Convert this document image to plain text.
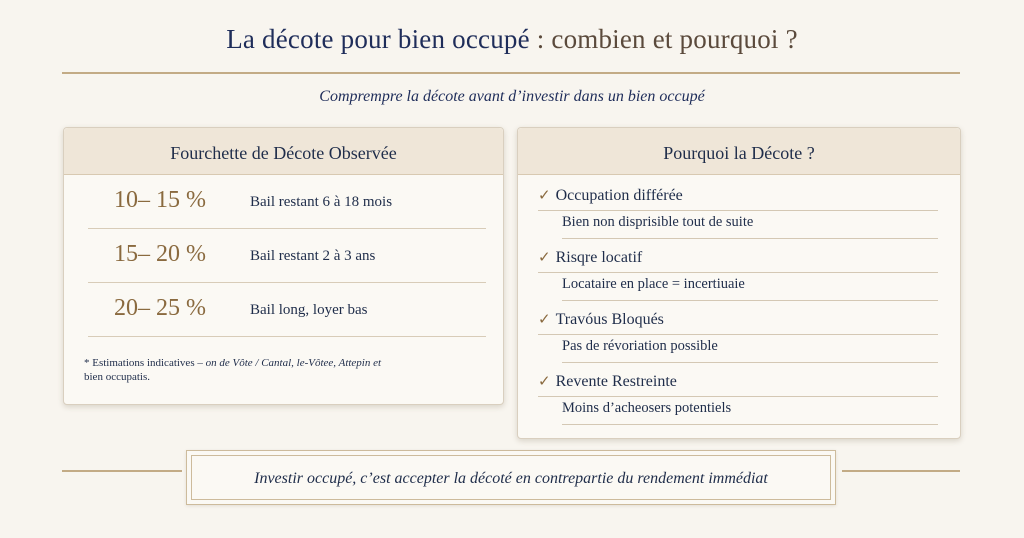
La décote pour bien occupé : combien et pourquoi ?
Comprempre la décote avant d’investir dans un bien occupé
Fourchette de Décote Observée
10– 15 %	Bail restant 6 à 18 mois
15– 20 %	Bail restant 2 à 3 ans
20– 25 %	Bail long, loyer bas
* Estimations indicatives – on de Vôte / Cantal, le-Vôtee, Attepin et
bien occupatis.
Pourquoi la Décote ?
✓ Occupation différée
Bien non disprisible tout de suite
✓ Risqre locatif
Locataire en place = incertiuaie
✓ Travóus Bloqués
Pas de révoriation possible
✓ Revente Restreinte
Moins d’acheosers potentiels
Investir occupé, c’est accepter la décoté en contrepartie du rendement immédiat
